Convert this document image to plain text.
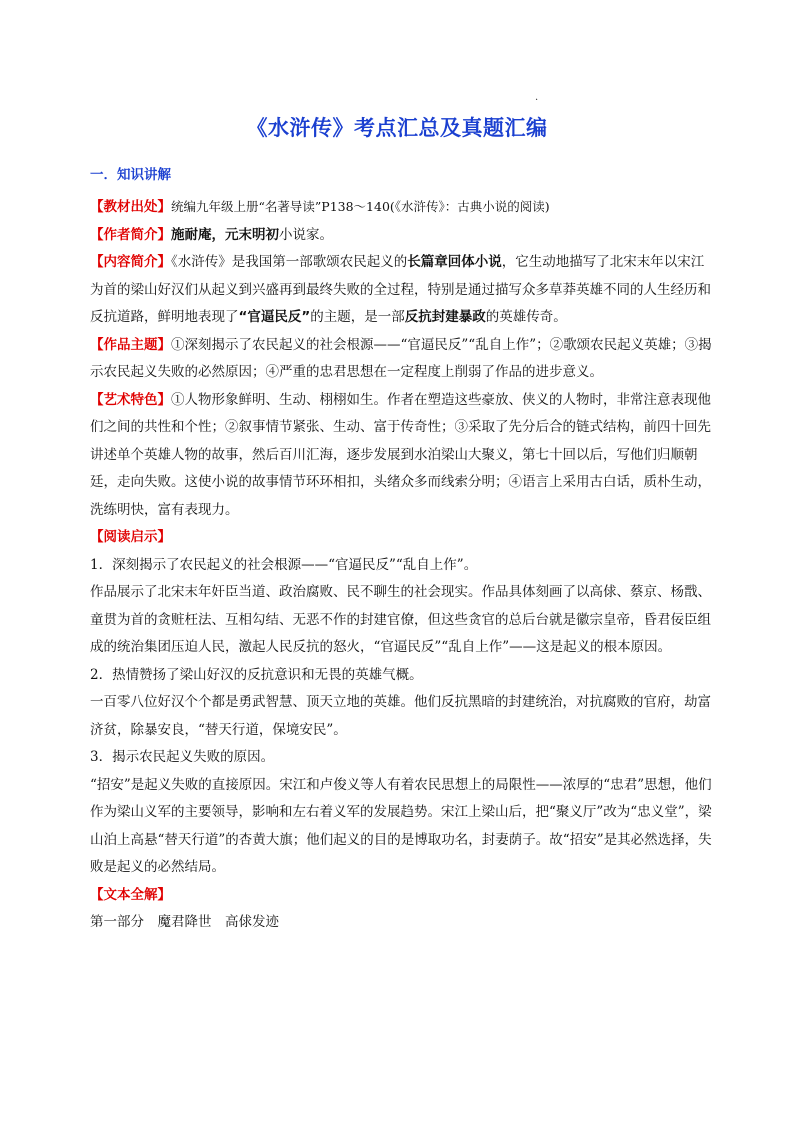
.
《水浒传》考点汇总及真题汇编
一．知识讲解

【教材出处】统编九年级上册“名著导读”P138～140(《水浒传》：古典小说的阅读)

【作者简介】施耐庵，元末明初小说家。

【内容简介】《水浒传》是我国第一部歌颂农民起义的长篇章回体小说，它生动地描写了北宋末年以宋江为首的梁山好汉们从起义到兴盛再到最终失败的全过程，特别是通过描写众多草莽英雄不同的人生经历和反抗道路，鲜明地表现了“官逼民反”的主题，是一部反抗封建暴政的英雄传奇。

【作品主题】①深刻揭示了农民起义的社会根源——“官逼民反”“乱自上作”；②歌颂农民起义英雄；③揭示农民起义失败的必然原因；④严重的忠君思想在一定程度上削弱了作品的进步意义。

【艺术特色】①人物形象鲜明、生动、栩栩如生。作者在塑造这些豪放、侠义的人物时，非常注意表现他们之间的共性和个性；②叙事情节紧张、生动、富于传奇性；③采取了先分后合的链式结构，前四十回先讲述单个英雄人物的故事，然后百川汇海，逐步发展到水泊梁山大聚义，第七十回以后，写他们归顺朝廷，走向失败。这使小说的故事情节环环相扣，头绪众多而线索分明；④语言上采用古白话，质朴生动，洗练明快，富有表现力。

【阅读启示】

1．深刻揭示了农民起义的社会根源——“官逼民反”“乱自上作”。

作品展示了北宋末年奸臣当道、政治腐败、民不聊生的社会现实。作品具体刻画了以高俅、蔡京、杨戬、童贯为首的贪赃枉法、互相勾结、无恶不作的封建官僚，但这些贪官的总后台就是徽宗皇帝，昏君佞臣组成的统治集团压迫人民，激起人民反抗的怒火，“官逼民反”“乱自上作”——这是起义的根本原因。

2．热情赞扬了梁山好汉的反抗意识和无畏的英雄气概。

一百零八位好汉个个都是勇武智慧、顶天立地的英雄。他们反抗黑暗的封建统治，对抗腐败的官府，劫富济贫，除暴安良，“替天行道，保境安民”。

3．揭示农民起义失败的原因。

“招安”是起义失败的直接原因。宋江和卢俊义等人有着农民思想上的局限性——浓厚的“忠君”思想，他们作为梁山义军的主要领导，影响和左右着义军的发展趋势。宋江上梁山后，把“聚义厅”改为“忠义堂”，梁山泊上高悬“替天行道”的杏黄大旗；他们起义的目的是博取功名，封妻荫子。故“招安”是其必然选择，失败是起义的必然结局。

【文本全解】

第一部分　魔君降世　高俅发迹
